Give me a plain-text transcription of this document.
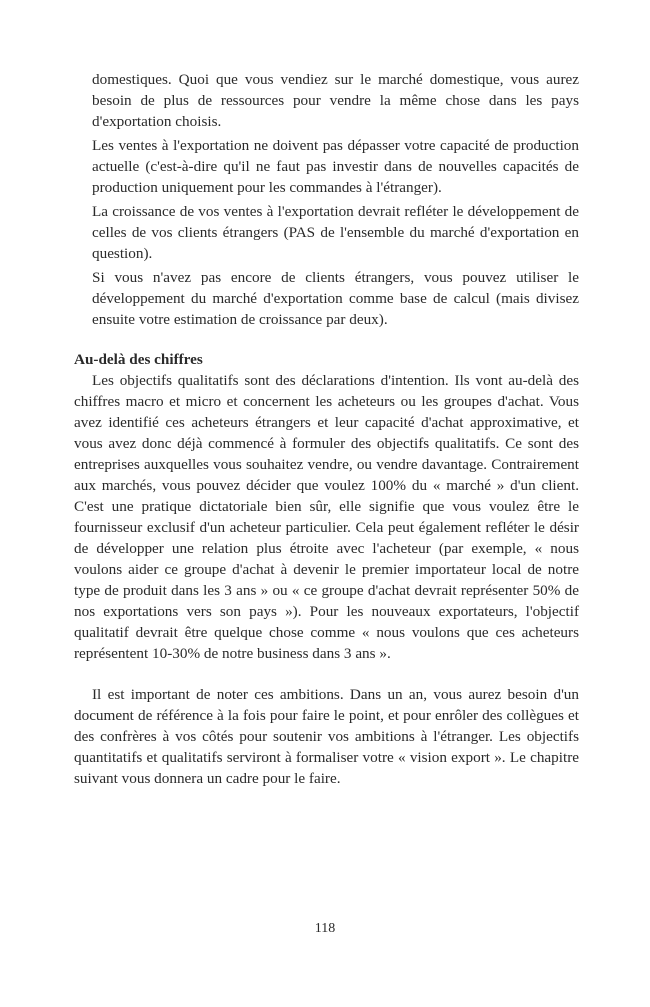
domestiques. Quoi que vous vendiez sur le marché domestique, vous aurez besoin de plus de ressources pour vendre la même chose dans les pays d'exportation choisis.

Les ventes à l'exportation ne doivent pas dépasser votre capacité de production actuelle (c'est-à-dire qu'il ne faut pas investir dans de nouvelles capacités de production uniquement pour les commandes à l'étranger).

La croissance de vos ventes à l'exportation devrait refléter le développement de celles de vos clients étrangers (PAS de l'ensemble du marché d'exportation en question).

Si vous n'avez pas encore de clients étrangers, vous pouvez utiliser le développement du marché d'exportation comme base de calcul (mais divisez ensuite votre estimation de croissance par deux).

Au-delà des chiffres

Les objectifs qualitatifs sont des déclarations d'intention. Ils vont au-delà des chiffres macro et micro et concernent les acheteurs ou les groupes d'achat. Vous avez identifié ces acheteurs étrangers et leur capacité d'achat approximative, et vous avez donc déjà commencé à formuler des objectifs qualitatifs. Ce sont des entreprises auxquelles vous souhaitez vendre, ou vendre davantage. Contrairement aux marchés, vous pouvez décider que voulez 100% du « marché » d'un client. C'est une pratique dictatoriale bien sûr, elle signifie que vous voulez être le fournisseur exclusif d'un acheteur particulier. Cela peut également refléter le désir de développer une relation plus étroite avec l'acheteur (par exemple, « nous voulons aider ce groupe d'achat à devenir le premier importateur local de notre type de produit dans les 3 ans » ou « ce groupe d'achat devrait représenter 50% de nos exportations vers son pays »). Pour les nouveaux exportateurs, l'objectif qualitatif devrait être quelque chose comme « nous voulons que ces acheteurs représentent 10-30% de notre business dans 3 ans ».

Il est important de noter ces ambitions. Dans un an, vous aurez besoin d'un document de référence à la fois pour faire le point, et pour enrôler des collègues et des confrères à vos côtés pour soutenir vos ambitions à l'étranger. Les objectifs quantitatifs et qualitatifs serviront à formaliser votre « vision export ». Le chapitre suivant vous donnera un cadre pour le faire.

118
